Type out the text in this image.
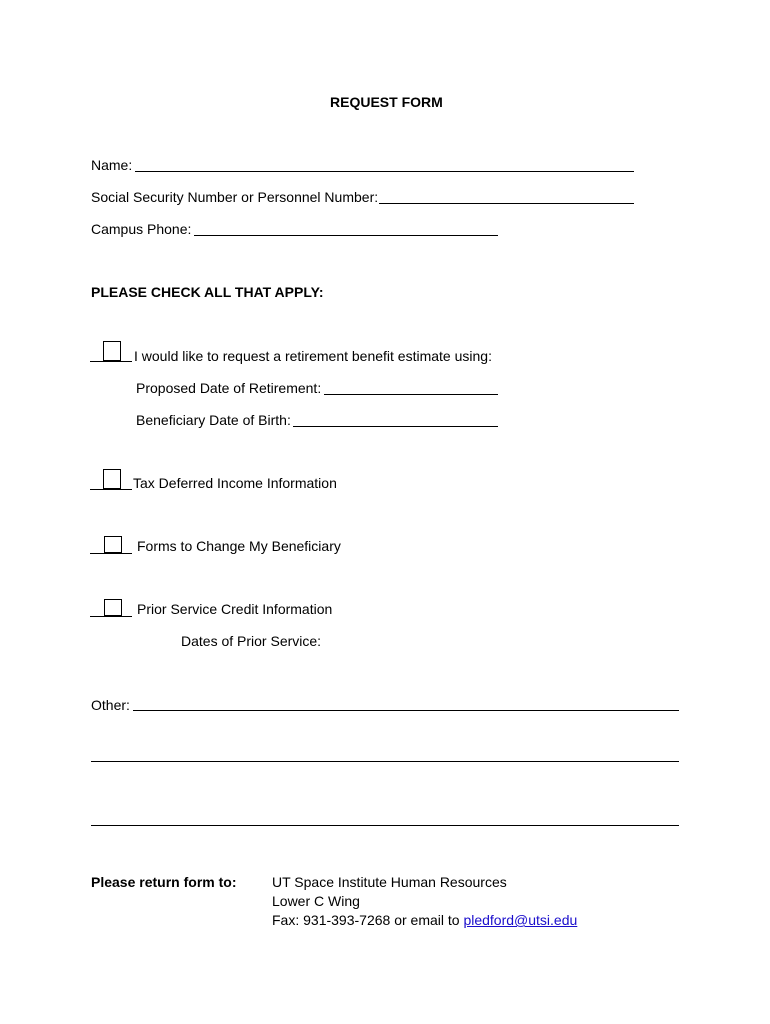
REQUEST FORM
Name:
Social Security Number or Personnel Number:
Campus Phone:
PLEASE CHECK ALL THAT APPLY:
I would like to request a retirement benefit estimate using:
Proposed Date of Retirement:
Beneficiary Date of Birth:
Tax Deferred Income Information
Forms to Change My Beneficiary
Prior Service Credit Information
Dates of Prior Service:
Other:
Please return form to:	UT Space Institute Human Resources
Lower C Wing
Fax: 931-393-7268 or email to pledford@utsi.edu
